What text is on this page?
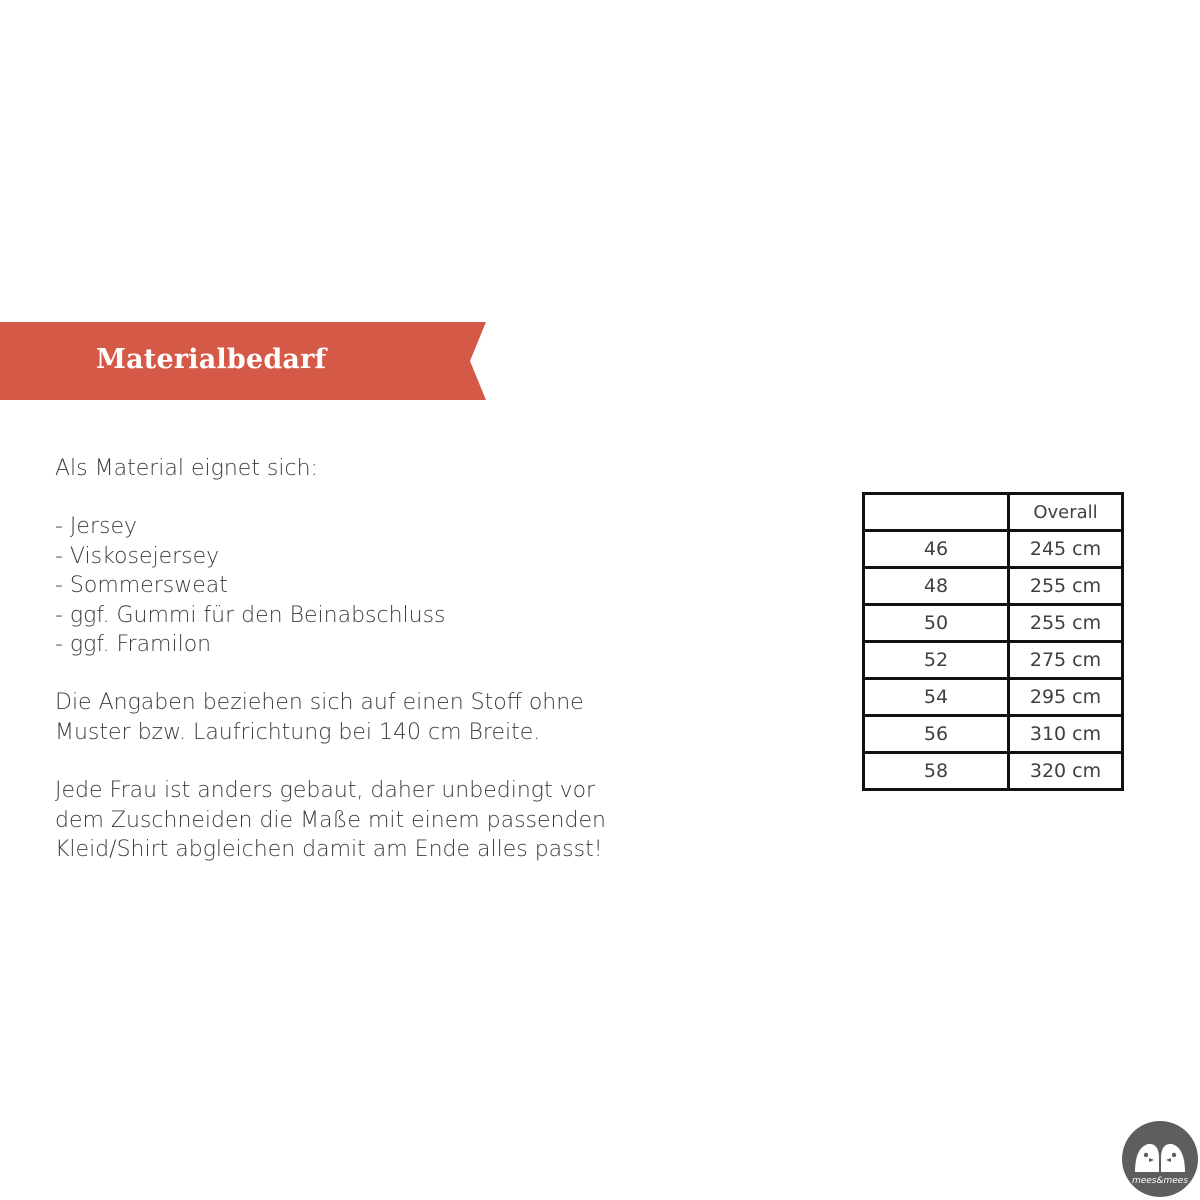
Materialbedarf

Als Material eignet sich:

- Jersey

- Viskosejersey

- Sommersweat

- ggf. Gummi für den Beinabschluss

- ggf. Framilon

Die Angaben beziehen sich auf einen Stoff ohne

Muster bzw. Laufrichtung bei 140 cm Breite.

Jede Frau ist anders gebaut, daher unbedingt vor

dem Zuschneiden die Maße mit einem passenden

Kleid/Shirt abgleichen damit am Ende alles passt!

	Overall
46	245 cm
48	255 cm
50	255 cm
52	275 cm
54	295 cm
56	310 cm
58	320 cm
mees&mees
